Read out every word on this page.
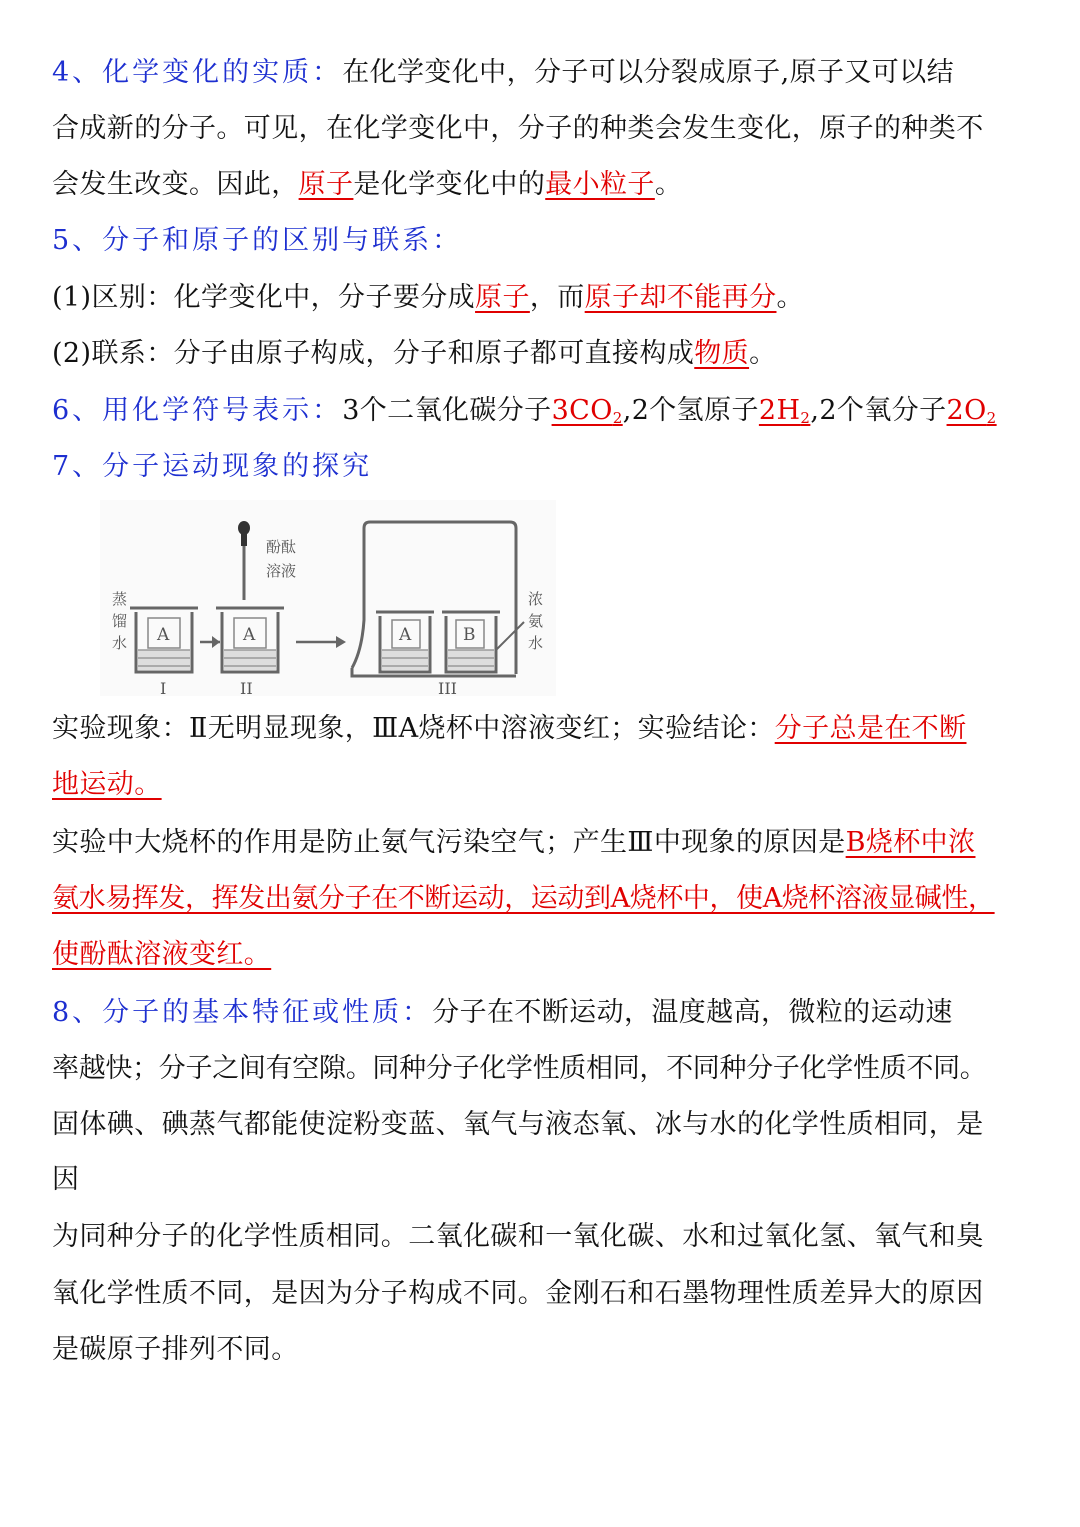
4、化学变化的实质：在化学变化中，分子可以分裂成原子,原子又可以结
合成新的分子。可见，在化学变化中，分子的种类会发生变化，原子的种类不
会发生改变。因此，原子是化学变化中的最小粒子。
5、分子和原子的区别与联系：
(1)区别：化学变化中，分子要分成原子，而原子却不能再分。
(2)联系：分子由原子构成，分子和原子都可直接构成物质。
6、用化学符号表示：3个二氧化碳分子$3CO_2,2$个氢原子$2H_2,2$个氧分子$2O_2$
7、分子运动现象的探究
蒸
馏
水 A
I
酚酞
溶液
A
II
A	B
浓
氨
水
III
实验现象：Ⅱ无明显现象，ⅢA烧杯中溶液变红；实验结论：分子总是在不断
地运动。
实验中大烧杯的作用是防止氨气污染空气；产生Ⅲ中现象的原因是B烧杯中浓
氨水易挥发，挥发出氨分子在不断运动，运动到A烧杯中，使A烧杯溶液显碱性，
使酚酞溶液变红。
8、分子的基本特征或性质：分子在不断运动，温度越高，微粒的运动速
率越快；分子之间有空隙。同种分子化学性质相同，不同种分子化学性质不同。
固体碘、碘蒸气都能使淀粉变蓝、氧气与液态氧、冰与水的化学性质相同，是
因
为同种分子的化学性质相同。二氧化碳和一氧化碳、水和过氧化氢、氧气和臭
氧化学性质不同，是因为分子构成不同。金刚石和石墨物理性质差异大的原因
是碳原子排列不同。
